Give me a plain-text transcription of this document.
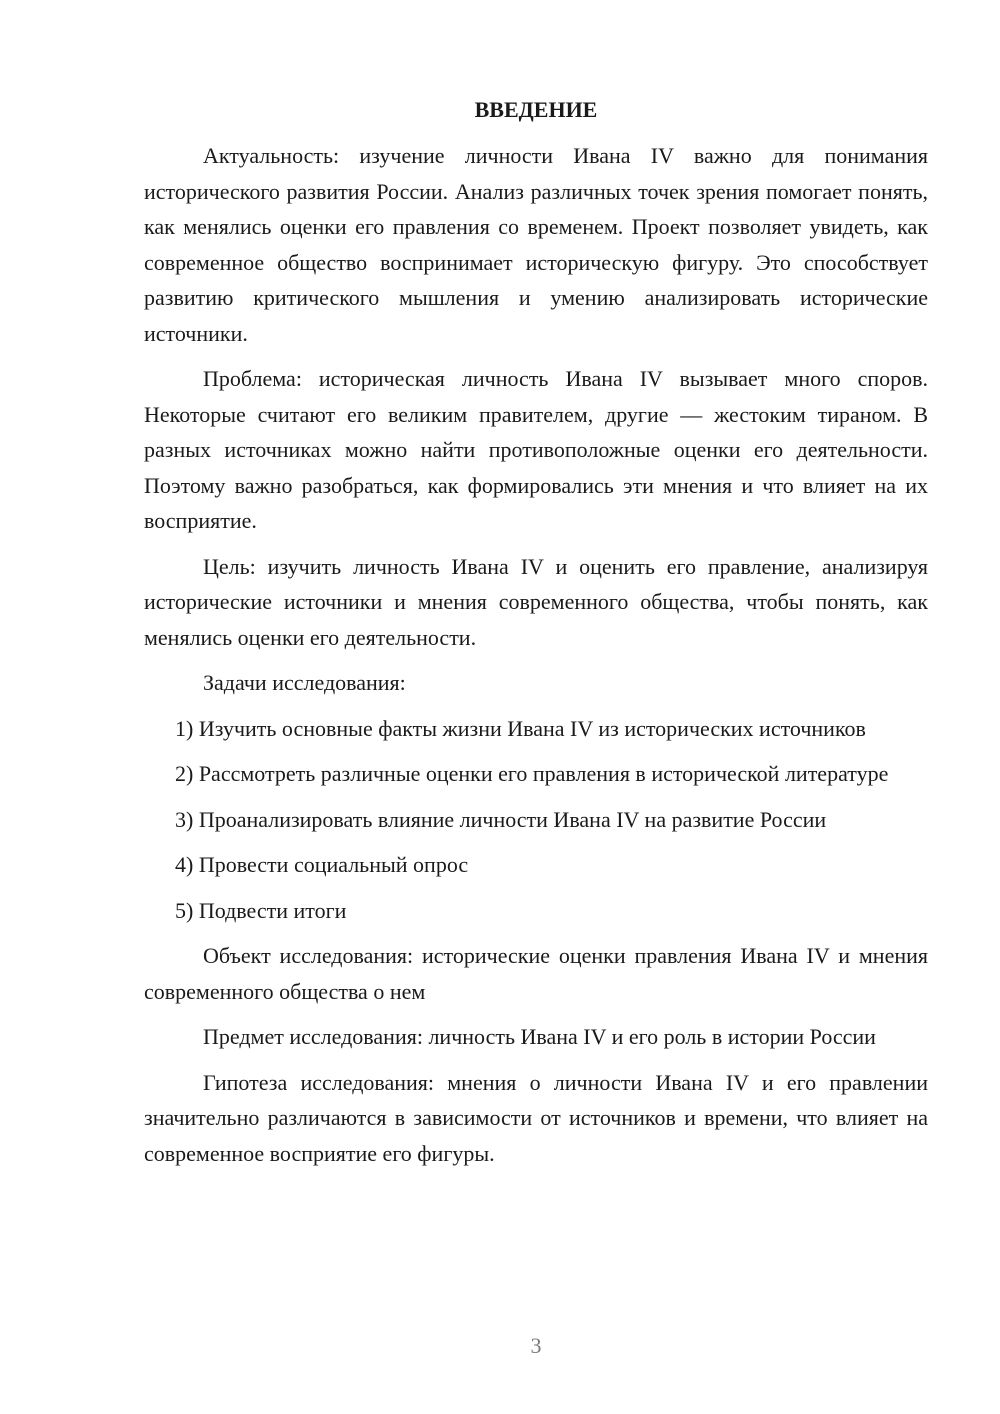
ВВЕДЕНИЕ

Актуальность: изучение личности Ивана IV важно для понимания исторического развития России. Анализ различных точек зрения помогает понять, как менялись оценки его правления со временем. Проект позволяет увидеть, как современное общество воспринимает историческую фигуру. Это способствует развитию критического мышления и умению анализировать исторические источники.

Проблема: историческая личность Ивана IV вызывает много споров. Некоторые считают его великим правителем, другие — жестоким тираном. В разных источниках можно найти противоположные оценки его деятельности. Поэтому важно разобраться, как формировались эти мнения и что влияет на их восприятие.

Цель: изучить личность Ивана IV и оценить его правление, анализируя исторические источники и мнения современного общества, чтобы понять, как менялись оценки его деятельности.

Задачи исследования:

1) Изучить основные факты жизни Ивана IV из исторических источников

2) Рассмотреть различные оценки его правления в исторической литературе

3) Проанализировать влияние личности Ивана IV на развитие России

4) Провести социальный опрос

5) Подвести итоги

Объект исследования: исторические оценки правления Ивана IV и мнения современного общества о нем

Предмет исследования: личность Ивана IV и его роль в истории России

Гипотеза исследования: мнения о личности Ивана IV и его правлении значительно различаются в зависимости от источников и времени, что влияет на современное восприятие его фигуры.

3
